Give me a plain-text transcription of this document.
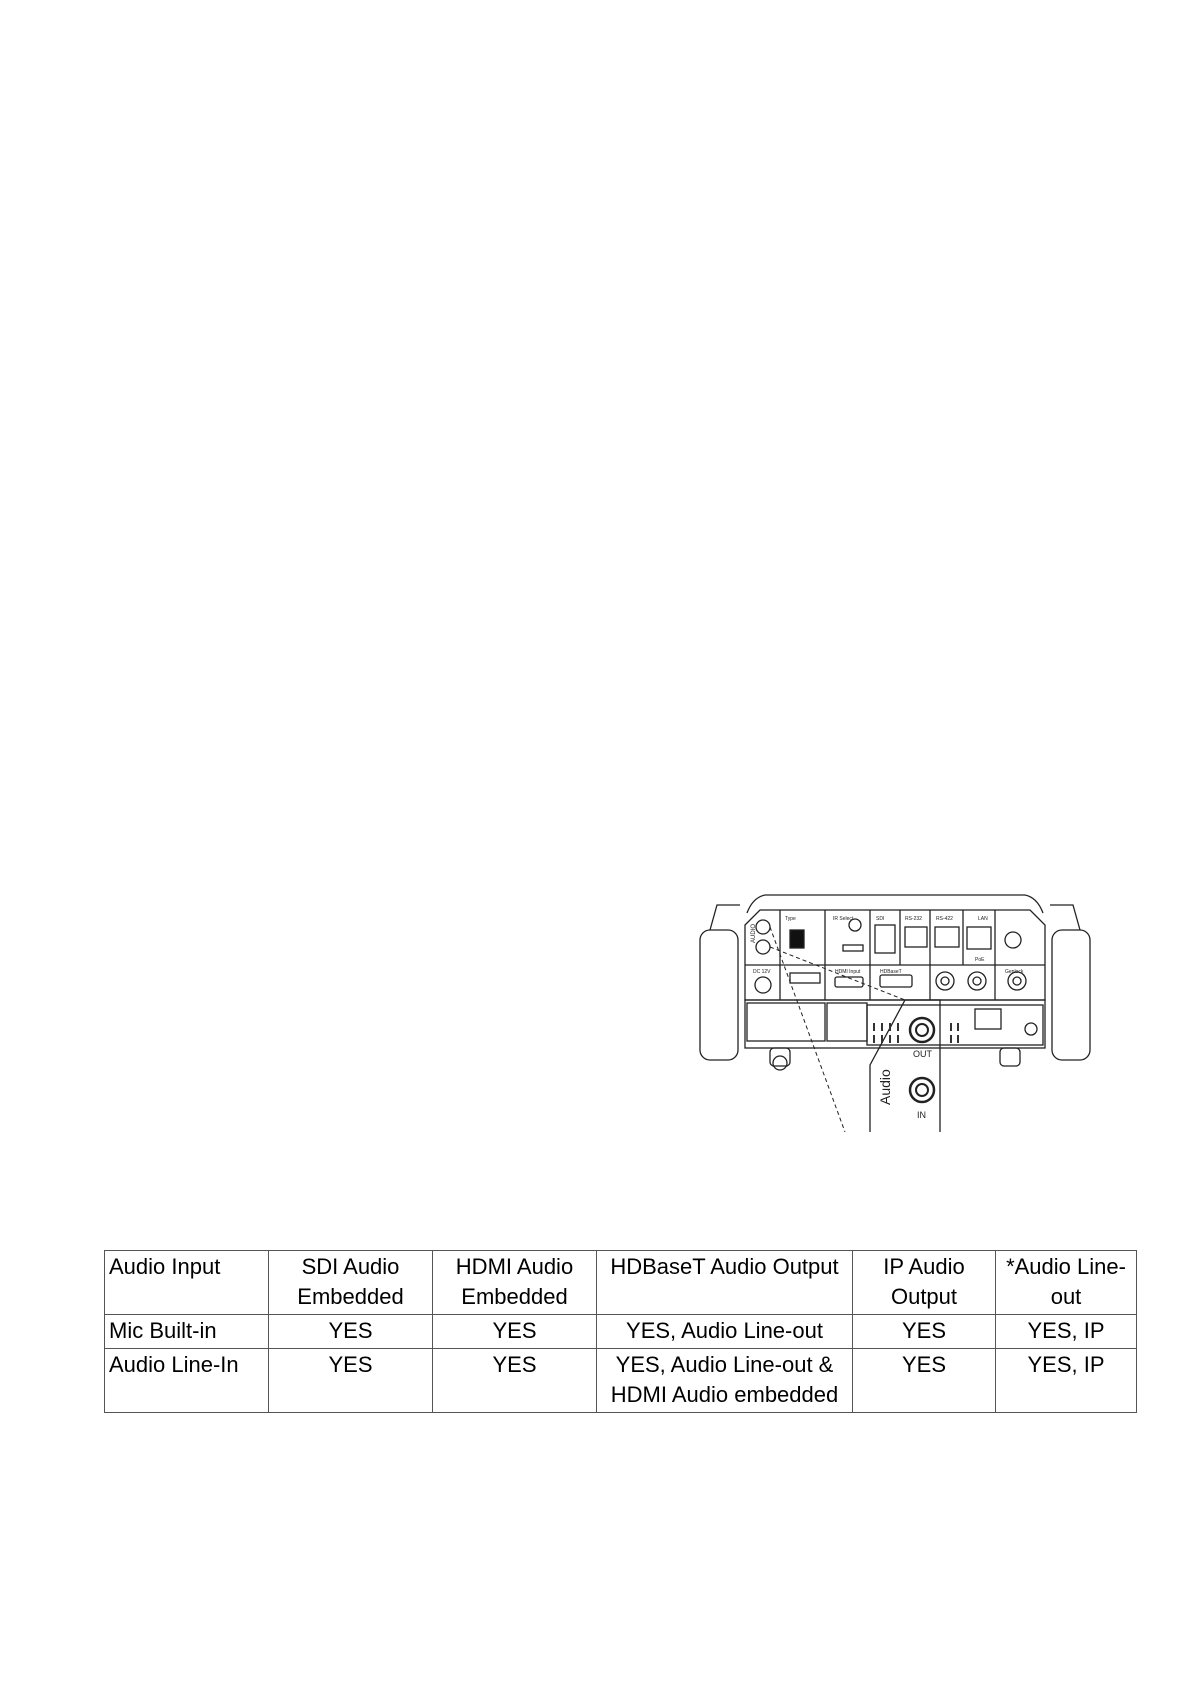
Type	IR Select	SDI	RS-232	RS-422	LAN
PoE
HDMI Input	HDBaseT	Genlock
DC 12V
AUDIO
Audio
OUT
IN
Audio Input	SDI Audio Embedded	HDMI Audio Embedded	HDBaseT Audio Output	IP Audio Output	*Audio Line- out
Mic Built-in	YES	YES	YES, Audio Line-out	YES	YES, IP
Audio Line-In	YES	YES	YES, Audio Line-out & HDMI Audio embedded	YES	YES, IP
